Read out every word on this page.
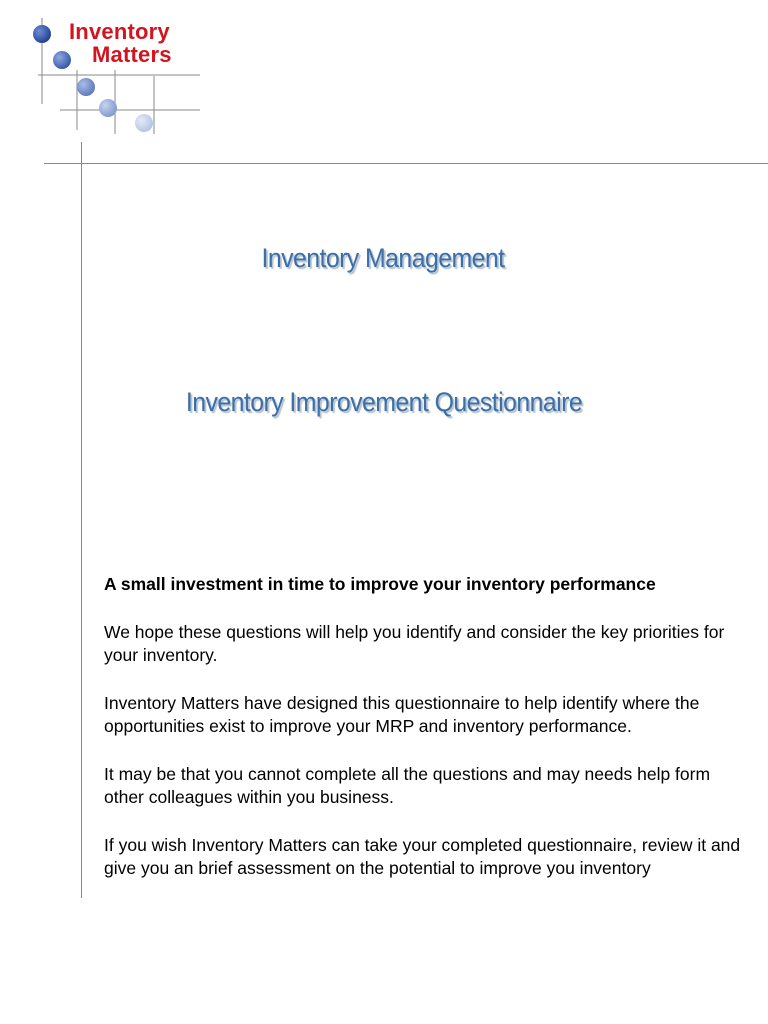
Inventory
Matters
Inventory Management
Inventory Improvement Questionnaire

A small investment in time to improve your inventory performance

We hope these questions will help you identify and consider the key priorities for your inventory.

Inventory Matters have designed this questionnaire to help identify where the opportunities exist to improve your MRP and inventory performance.

It may be that you cannot complete all the questions and may needs help form other colleagues within you business.

If you wish Inventory Matters can take your completed questionnaire, review it and give you an brief assessment on the potential to improve you inventory
